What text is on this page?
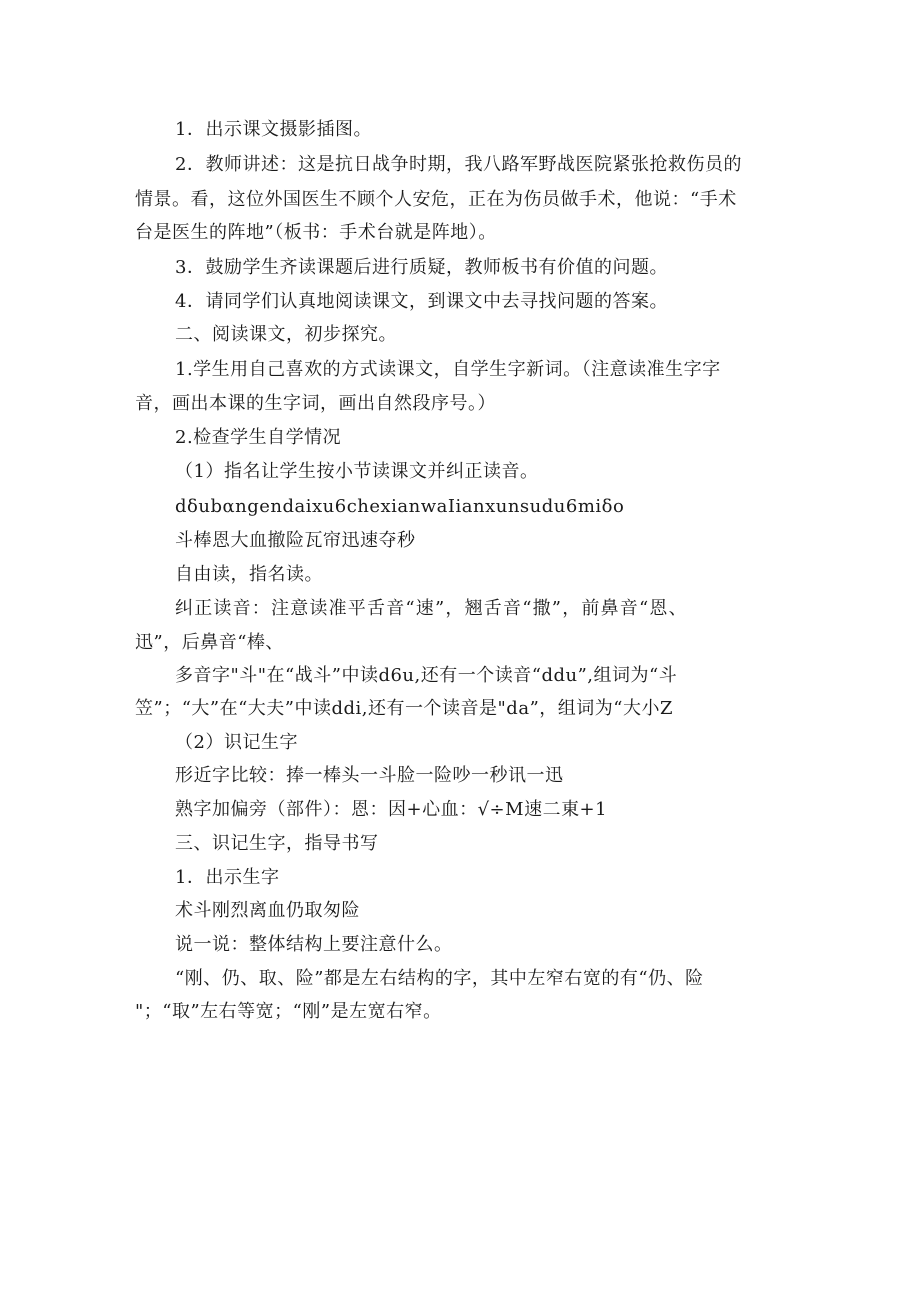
1．出示课文摄影插图。
2．教师讲述：这是抗日战争时期，我八路军野战医院紧张抢救伤员的
情景。看，这位外国医生不顾个人安危，正在为伤员做手术，他说：“手术
台是医生的阵地”（板书：手术台就是阵地）。
3．鼓励学生齐读课题后进行质疑，教师板书有价值的问题。
4．请同学们认真地阅读课文，到课文中去寻找问题的答案。
二、阅读课文，初步探究。
1.学生用自己喜欢的方式读课文，自学生字新词。（注意读准生字字
音，画出本课的生字词，画出自然段序号。）
2.检查学生自学情况
（1）指名让学生按小节读课文并纠正读音。
dδubαngendaixu6chexianwaIianxunsudu6miδo
斗棒恩大血撤险瓦帘迅速夺秒
自由读，指名读。
纠正读音：注意读准平舌音“速”，翘舌音“撒”，前鼻音“恩、
迅”，后鼻音“棒、
多音字"斗"在“战斗”中读d6u,还有一个读音“ddu”,组词为“斗
笠”；“大”在“大夫”中读ddi,还有一个读音是"da”，组词为“大小Z
（2）识记生字
形近字比较：捧一棒头一斗脸一险吵一秒讯一迅
熟字加偏旁（部件）：恩：因+心血：√÷M速二東+1
三、识记生字，指导书写
1．出示生字
术斗刚烈离血仍取匆险
说一说：整体结构上要注意什么。
“刚、仍、取、险”都是左右结构的字，其中左窄右宽的有“仍、险
"；“取”左右等宽；“刚”是左宽右窄。
